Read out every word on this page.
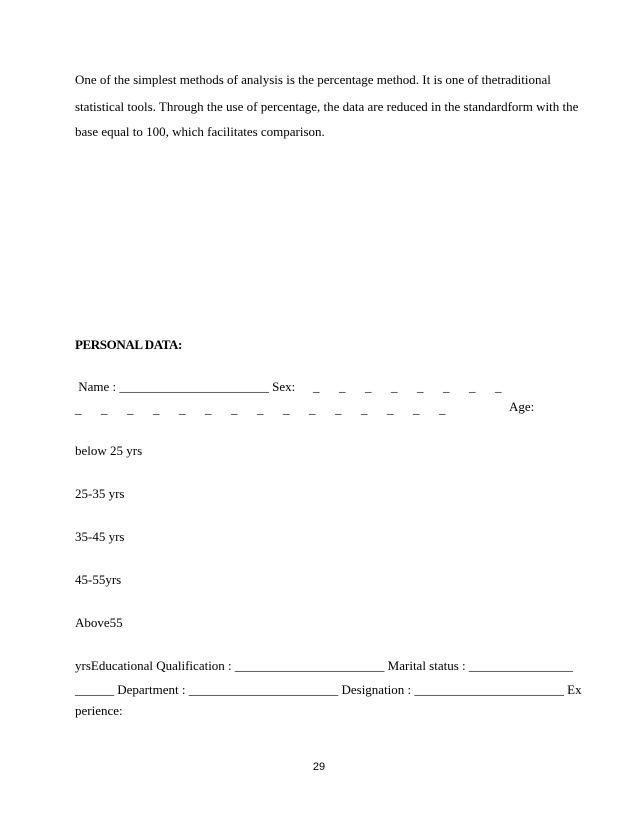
One of the simplest methods of analysis is the percentage method. It is one of thetraditional
statistical tools. Through the use of percentage, the data are reduced in the standardform with the
base equal to 100, which facilitates comparison.
PERSONAL DATA:
Name : _______________________ Sex: _      _      _      _      _      _      _      _
_      _      _      _      _      _      _      _      _      _      _      _      _      _      _	Age:
below 25 yrs
25-35 yrs
35-45 yrs
45-55yrs
Above55
yrsEducational Qualification : _______________________ Marital status : ________________
______ Department : _______________________ Designation : _______________________ Ex
perience:
29
